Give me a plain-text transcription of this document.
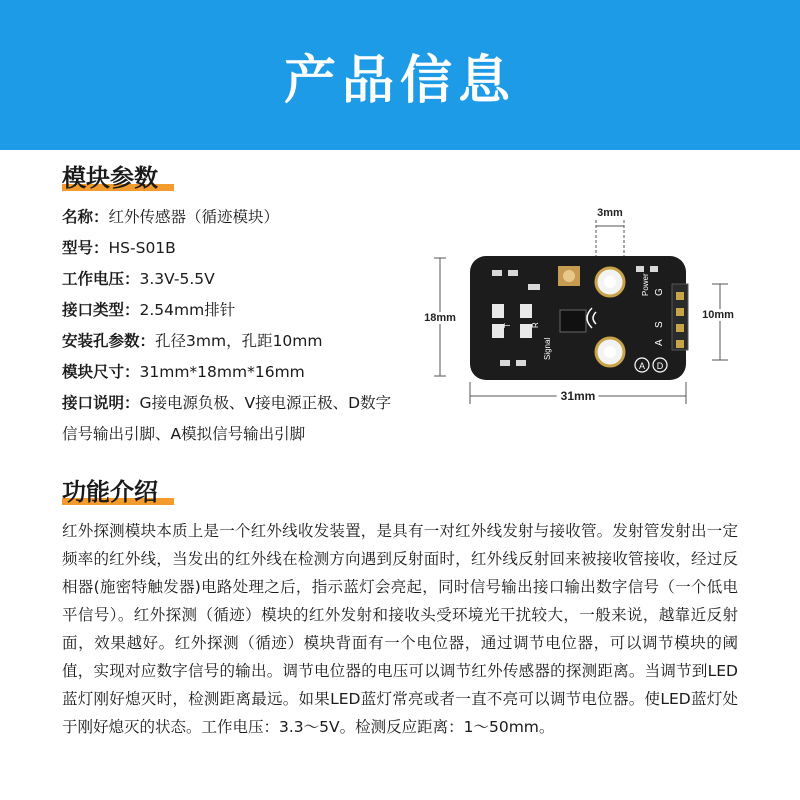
产品信息
模块参数
名称：红外传感器（循迹模块）
型号：HS-S01B
工作电压：3.3V-5.5V
接口类型：2.54mm排针
安装孔参数：孔径3mm，孔距10mm
模块尺寸：31mm*18mm*16mm
接口说明：G接电源负极、V接电源正极、D数字信号输出引脚、A模拟信号输出引脚
3mm
18mm	10mm
31mm
Power
Signal
T R
A
S
G
A D
功能介绍
红外探测模块本质上是一个红外线收发装置，是具有一对红外线发射与接收管。发射管发射出一定频率的红外线，当发出的红外线在检测方向遇到反射面时，红外线反射回来被接收管接收，经过反相器(施密特触发器)电路处理之后，指示蓝灯会亮起，同时信号输出接口输出数字信号（一个低电平信号）。红外探测（循迹）模块的红外发射和接收头受环境光干扰较大，一般来说，越靠近反射面，效果越好。红外探测（循迹）模块背面有一个电位器，通过调节电位器，可以调节模块的阈值，实现对应数字信号的输出。调节电位器的电压可以调节红外传感器的探测距离。当调节到LED蓝灯刚好熄灭时，检测距离最远。如果LED蓝灯常亮或者一直不亮可以调节电位器。使LED蓝灯处于刚好熄灭的状态。工作电压：3.3～5V。检测反应距离：1～50mm。
